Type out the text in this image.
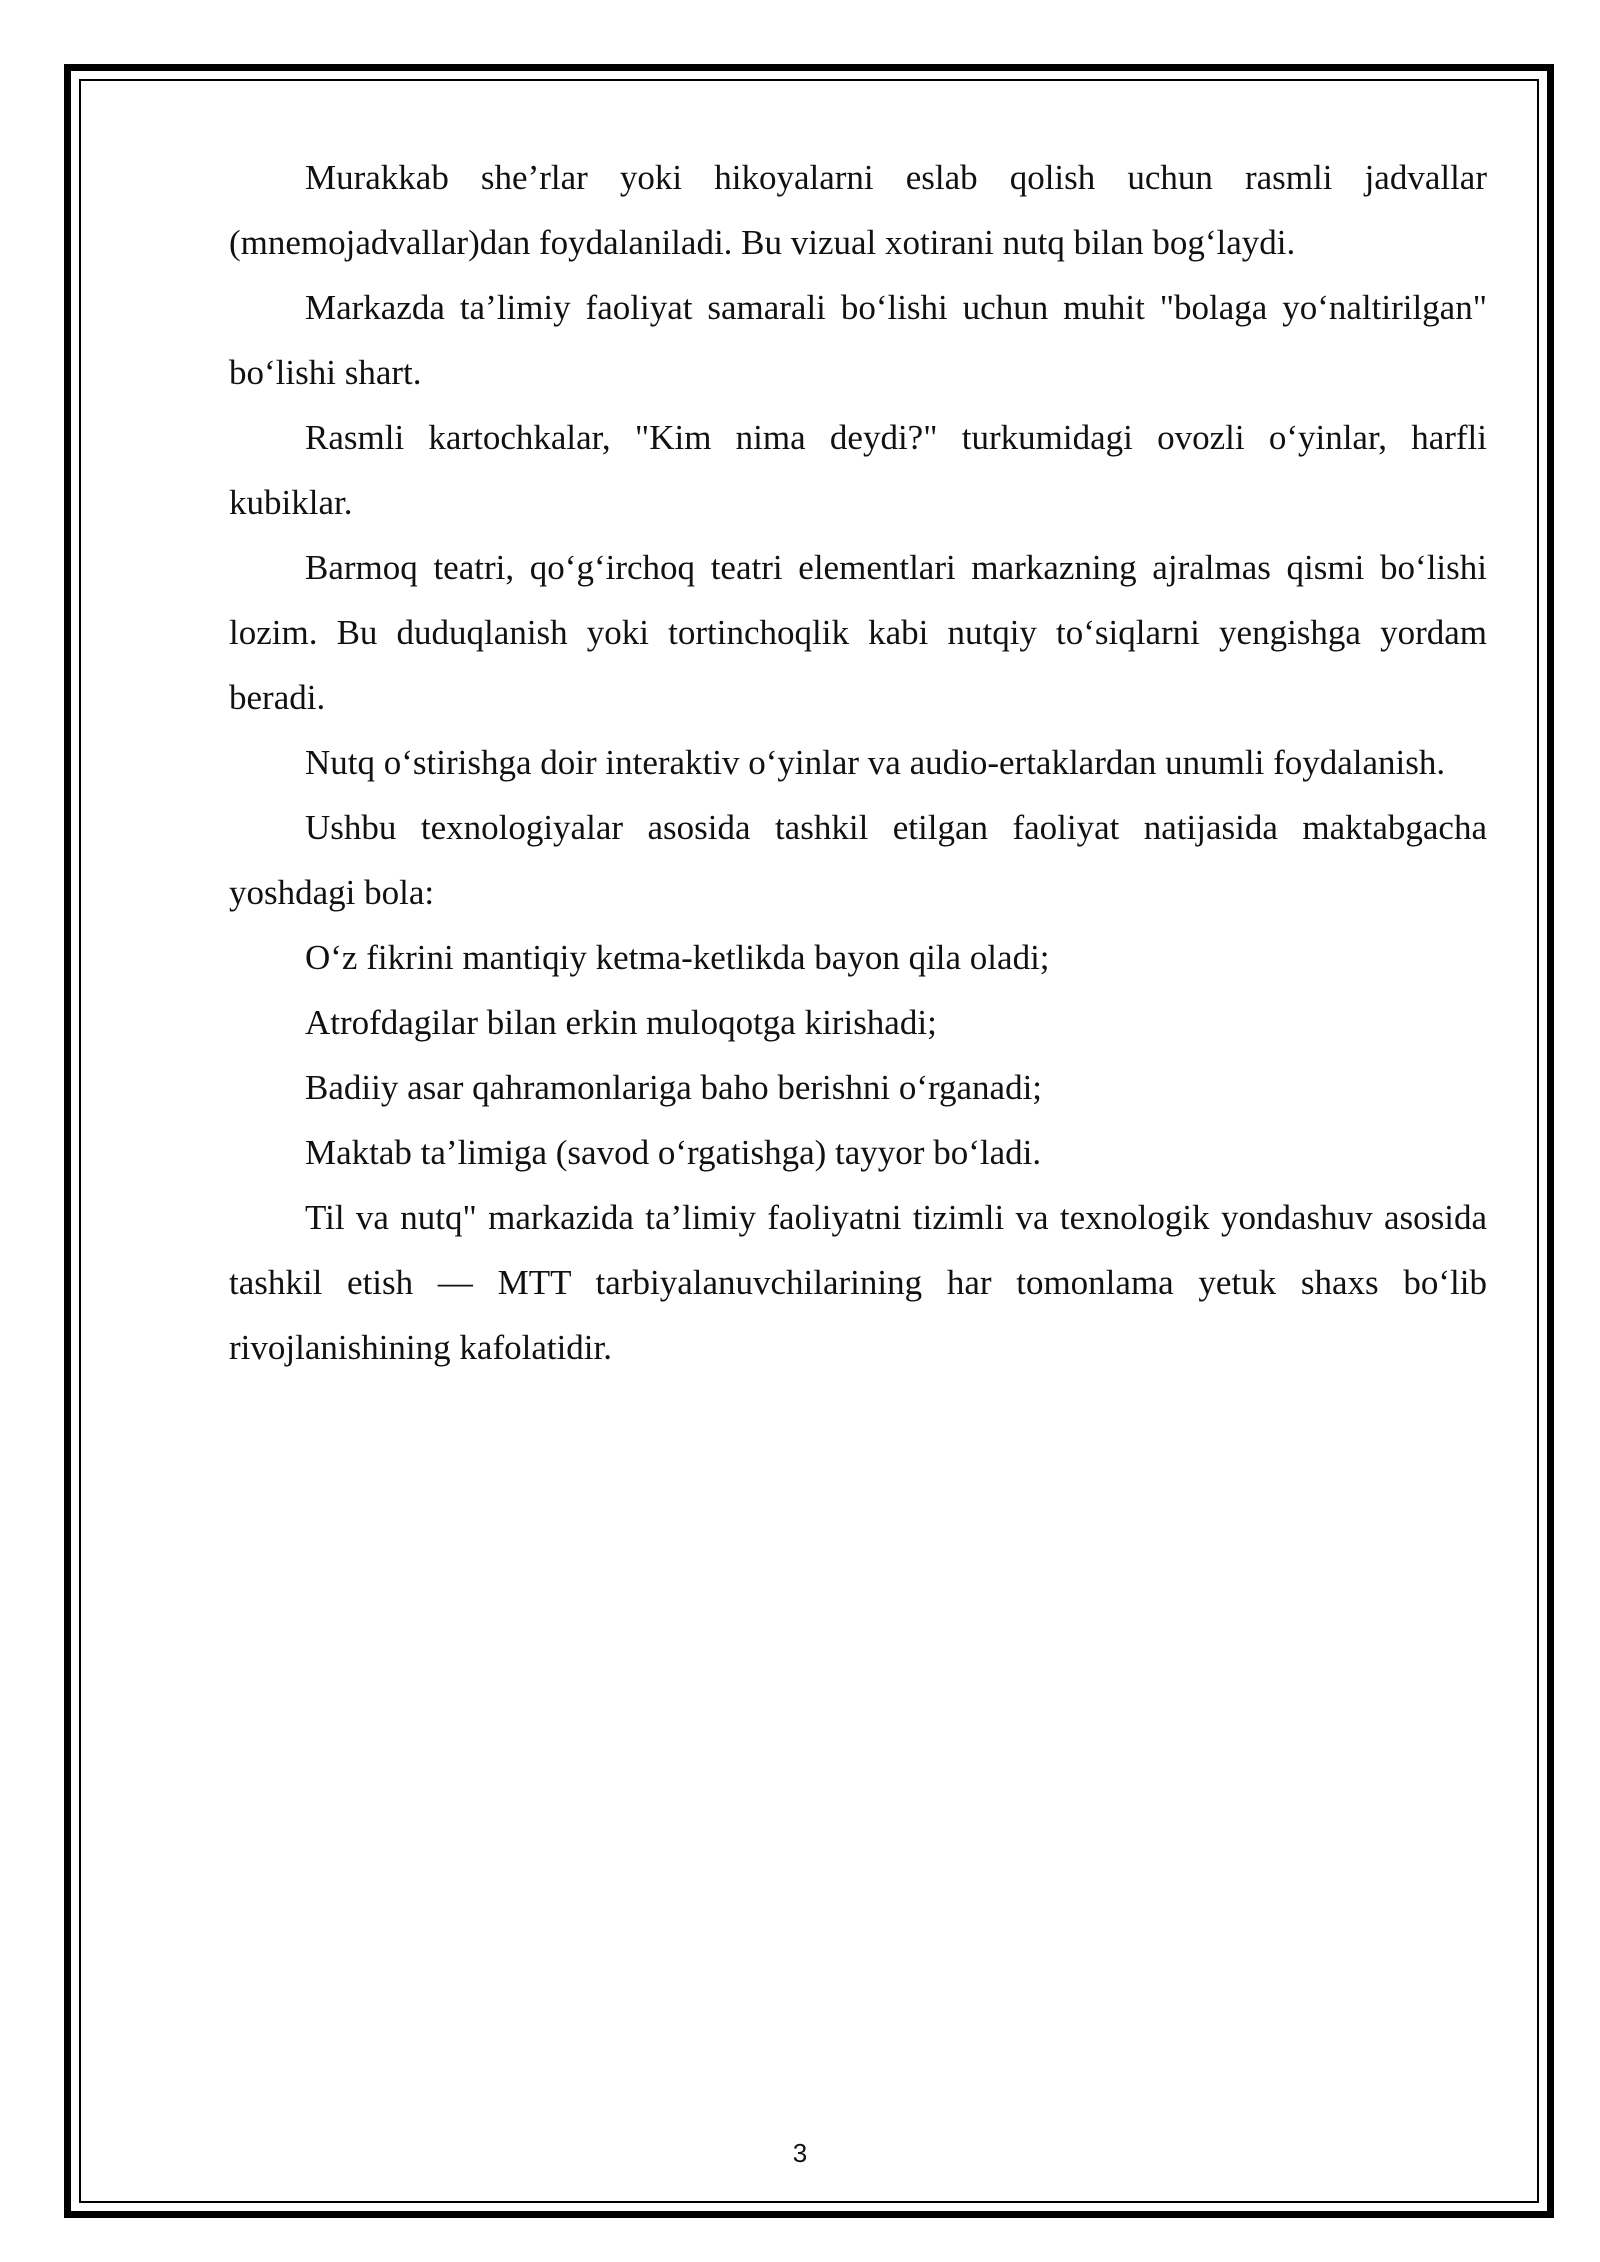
Murakkab she’rlar yoki hikoyalarni eslab qolish uchun rasmli jadvallar (mnemojadvallar)dan foydalaniladi. Bu vizual xotirani nutq bilan bog‘laydi.

Markazda ta’limiy faoliyat samarali bo‘lishi uchun muhit "bolaga yo‘naltirilgan" bo‘lishi shart.

Rasmli kartochkalar, "Kim nima deydi?" turkumidagi ovozli o‘yinlar, harfli kubiklar.

Barmoq teatri, qo‘g‘irchoq teatri elementlari markazning ajralmas qismi bo‘lishi lozim. Bu duduqlanish yoki tortinchoqlik kabi nutqiy to‘siqlarni yengishga yordam beradi.

Nutq o‘stirishga doir interaktiv o‘yinlar va audio-ertaklardan unumli foydalanish.

Ushbu texnologiyalar asosida tashkil etilgan faoliyat natijasida maktabgacha yoshdagi bola:

O‘z fikrini mantiqiy ketma-ketlikda bayon qila oladi;

Atrofdagilar bilan erkin muloqotga kirishadi;

Badiiy asar qahramonlariga baho berishni o‘rganadi;

Maktab ta’limiga (savod o‘rgatishga) tayyor bo‘ladi.

Til va nutq" markazida ta’limiy faoliyatni tizimli va texnologik yondashuv asosida tashkil etish — MTT tarbiyalanuvchilarining har tomonlama yetuk shaxs bo‘lib rivojlanishining kafolatidir.

3
